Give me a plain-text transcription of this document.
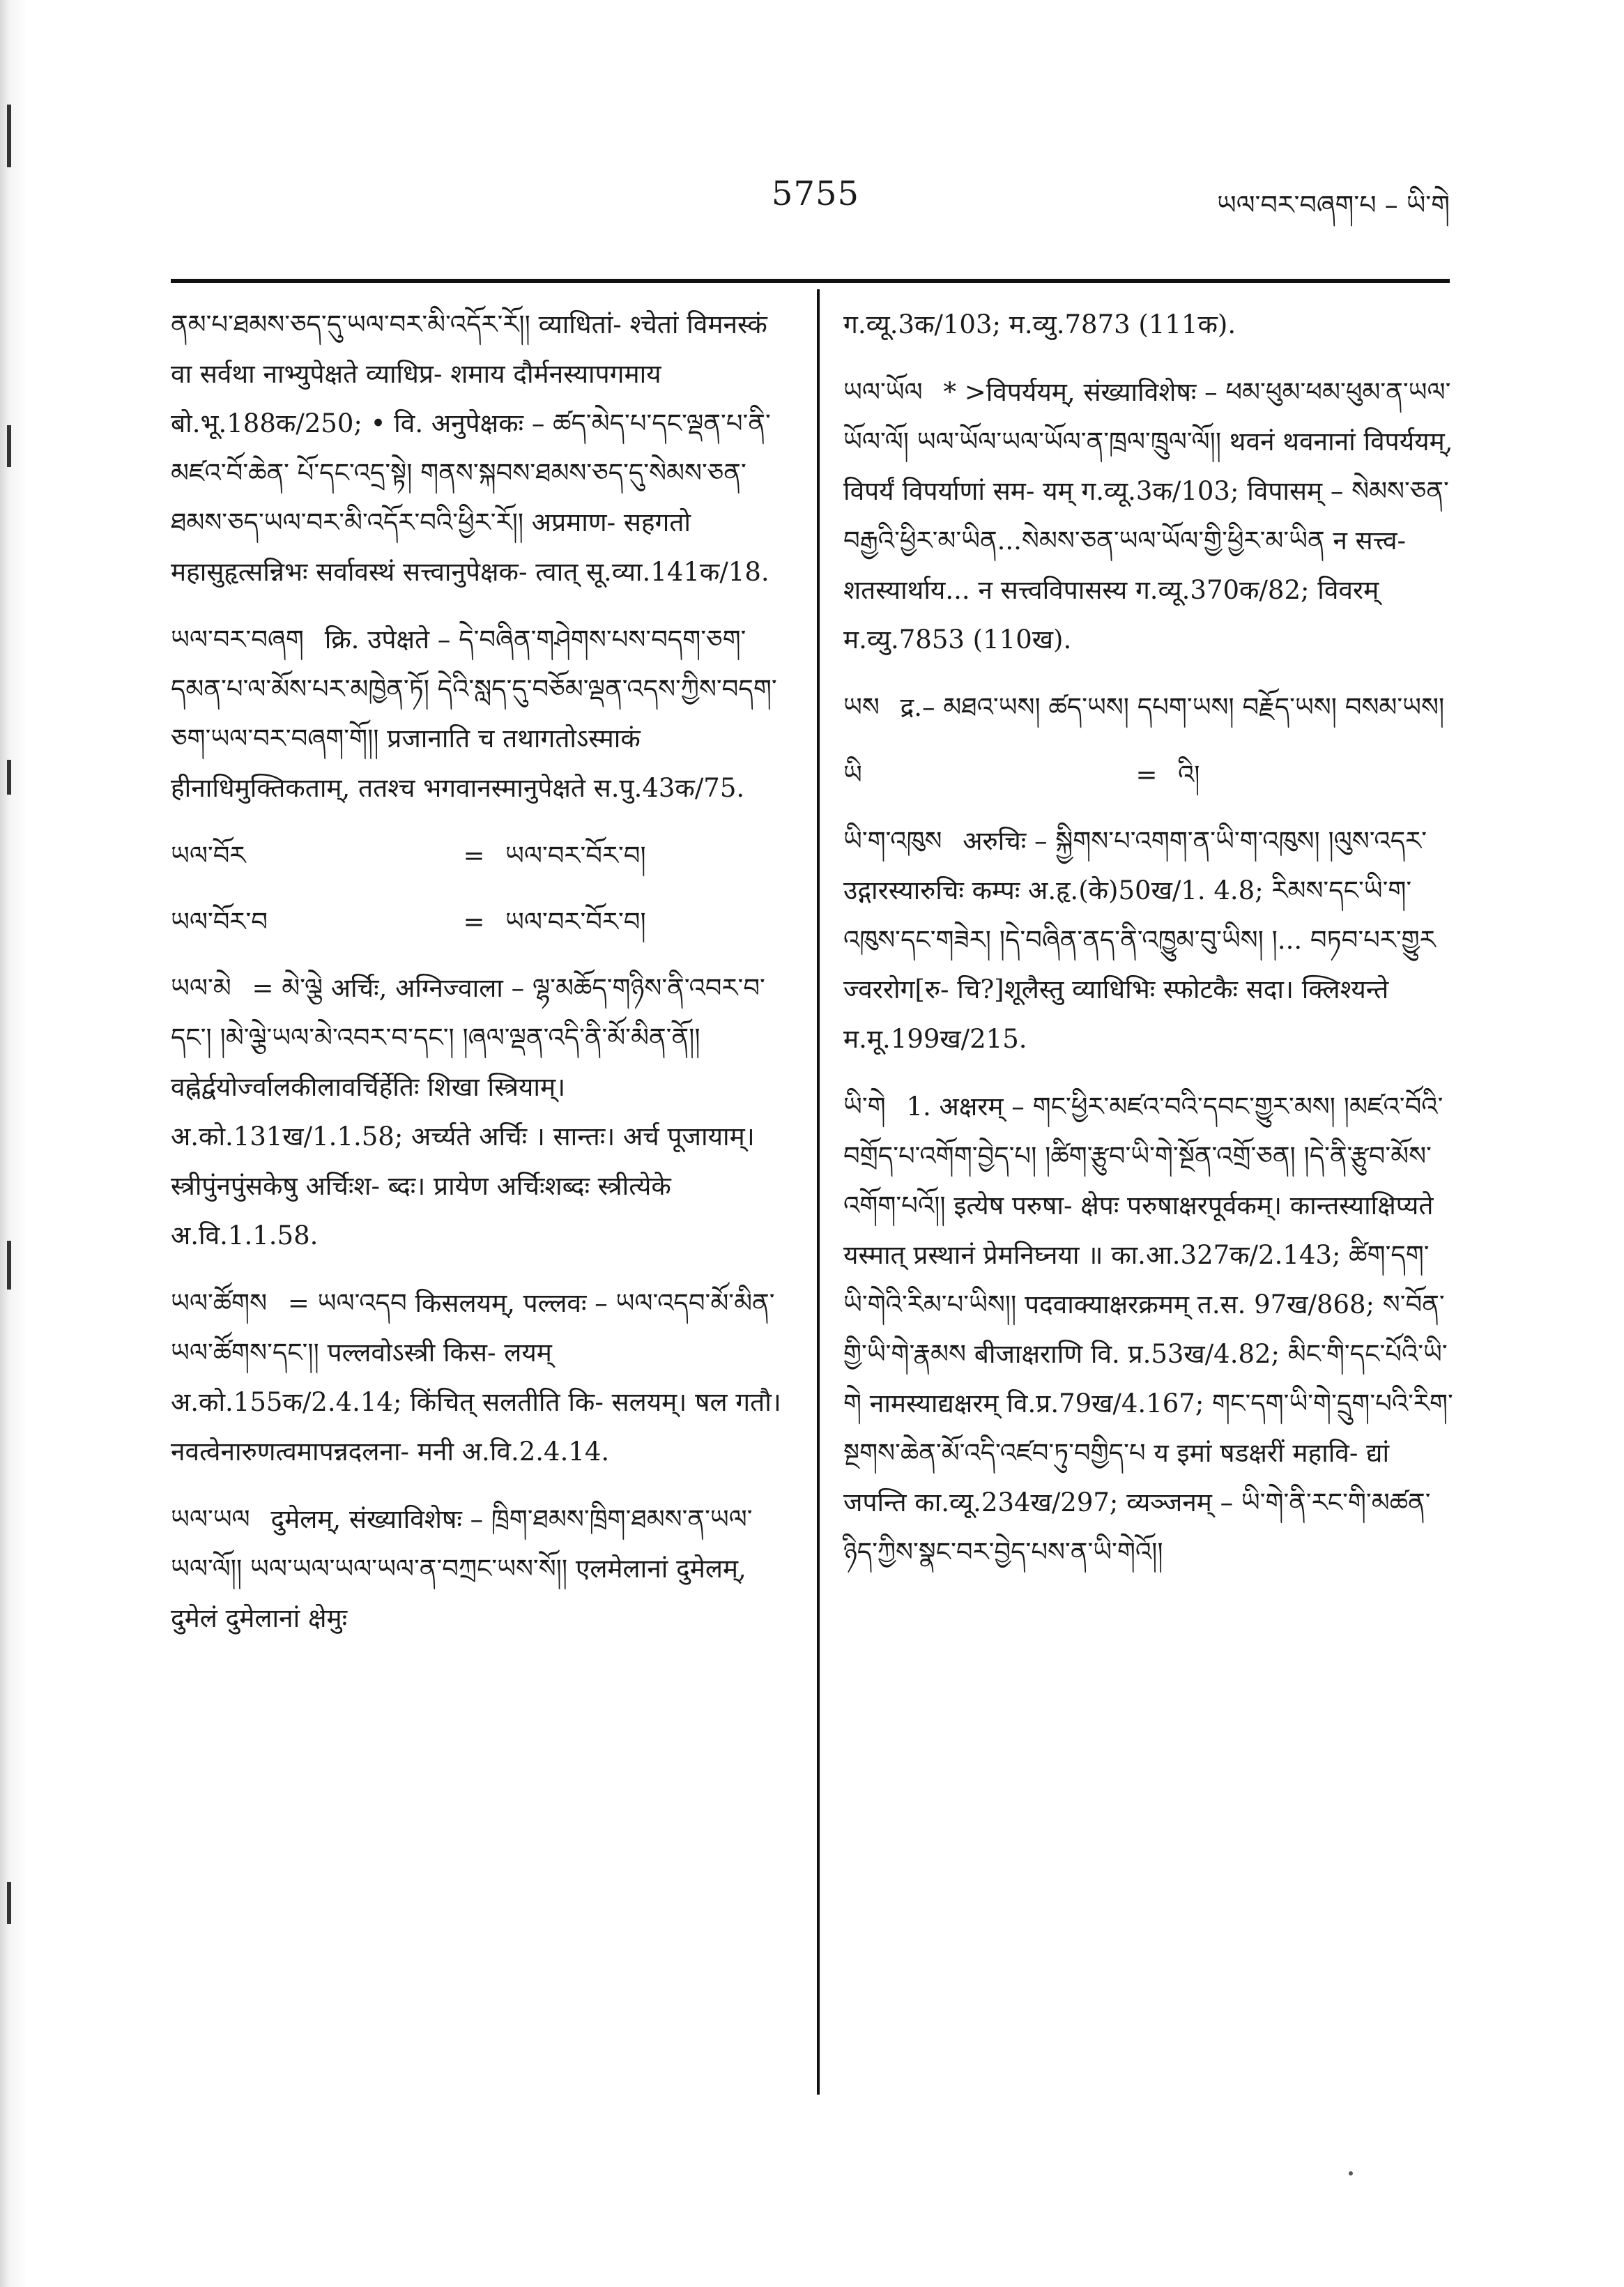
5755	ཡལ་བར་བཞག་པ – ཡི་གེ
ནམ་པ་ཐམས་ཅད་དུ་ཡལ་བར་མི་འདོར་རོ།། व्याधितां- श्चेतां विमनस्कं वा सर्वथा नाभ्युपेक्षते व्याधिप्र- शमाय दौर्मनस्यापगमाय बो.भू.188क/250; • वि. अनुपेक्षकः – ཚད་མེད་པ་དང་ལྡན་པ་ནི་མཛའ་བོ་ཆེན་ པོ་དང་འདྲ་སྟེ། གནས་སྐབས་ཐམས་ཅད་དུ་སེམས་ཅན་ ཐམས་ཅད་ཡལ་བར་མི་འདོར་བའི་ཕྱིར་རོ།། अप्रमाण- सहगतो महासुहृत्सन्निभः सर्वावस्थं सत्त्वानुपेक्षक- त्वात् सू.व्या.141क/18.
ཡལ་བར་བཞག क्रि. उपेक्षते – དེ་བཞིན་གཤེགས་པས་བདག་ཅག་དམན་པ་ལ་མོས་པར་མཁྱེན་ཏོ། དེའི་སླད་དུ་བཅོམ་ལྡན་འདས་ཀྱིས་བདག་ཅག་ཡལ་བར་བཞག་གོ།། प्रजानाति च तथागतोऽस्माकं हीनाधिमुक्तिकताम्, ततश्च भगवानस्मानुपेक्षते स.पु.43क/75.
ཡལ་བོར	= ཡལ་བར་བོར་བ།
ཡལ་བོར་བ	= ཡལ་བར་བོར་བ།
ཡལ་མེ = མེ་ལྕེ अर्चिः, अग्निज्वाला – ལྷ་མཆོད་གཉིས་ནི་འབར་བ་དང་། །མེ་ལྕེ་ཡལ་མེ་འབར་བ་དང་། །ཞལ་ལྡན་འདི་ནི་མོ་མིན་ནོ།། वह्नेर्द्वयोर्ज्वालकीलावर्चिर्हेतिः शिखा स्त्रियाम्। अ.को.131ख/1.1.58; अर्च्यते अर्चिः । सान्तः। अर्च पूजायाम्। स्त्रीपुंनपुंसकेषु अर्चिःश- ब्दः। प्रायेण अर्चिःशब्दः स्त्रीत्येके अ.वि.1.1.58.
ཡལ་ཚོགས = ཡལ་འདབ किसलयम्, पल्लवः – ཡལ་འདབ་མོ་མིན་ཡལ་ཚོགས་དང་།། पल्लवोऽस्त्री किस- लयम् अ.को.155क/2.4.14; किंचित् सलतीति कि- सलयम्। षल गतौ। नवत्वेनारुणत्वमापन्नदलना- मनी अ.वि.2.4.14.
ཡལ་ཡལ दुमेलम्, संख्याविशेषः – ཁྲིག་ཐམས་ཁྲིག་ཐམས་ན་ཡལ་ཡལ་ལོ།། ཡལ་ཡལ་ཡལ་ཡལ་ན་བཀྲང་ཡས་སོ།། एलमेलानां दुमेलम्, दुमेलं दुमेलानां क्षेमुः
ग.व्यू.3क/103; म.व्यु.7873 (111क).
ཡལ་ཡོལ * >विपर्ययम्, संख्याविशेषः – ཕམ་ཕུམ་ཕམ་ཕུམ་ན་ཡལ་ཡོལ་ལོ། ཡལ་ཡོལ་ཡལ་ཡོལ་ན་ཁྲལ་ཁྲུལ་ལོ།། थवनं थवनानां विपर्ययम्, विपर्यं विपर्याणां सम- यम् ग.व्यू.3क/103; विपासम् – སེམས་ཅན་བརྒྱའི་ཕྱིར་མ་ཡིན...སེམས་ཅན་ཡལ་ཡོལ་གྱི་ཕྱིར་མ་ཡིན न सत्त्व- शतस्यार्थाय... न सत्त्वविपासस्य ग.व्यू.370क/82; विवरम् म.व्यु.7853 (110ख).
ཡས द्र.– མཐའ་ཡས། ཚད་ཡས། དཔག་ཡས། བརྗོད་ཡས། བསམ་ཡས།
ཡི	= འི།
ཡི་ག་འཁུས अरुचिः – སྐྱིགས་པ་འགག་ན་ཡི་ག་འཁུས། །ལུས་འདར་ उद्गारस्यारुचिः कम्पः अ.हृ.(के)50ख/1. 4.8; རིམས་དང་ཡི་ག་འཁུས་དང་གཟེར། །དེ་བཞིན་ནད་ནི་འཁྱུམ་བུ་ཡིས། །... བཏབ་པར་གྱུར ज्वररोग[रु- चि?]शूलैस्तु व्याधिभिः स्फोटकैः सदा। क्लिश्यन्ते म.मू.199ख/215.
ཡི་གེ 1. अक्षरम् – གང་ཕྱིར་མཛའ་བའི་དབང་གྱུར་མས། །མཛའ་བོའི་བགྲོད་པ་འགོག་བྱེད་པ། །ཚིག་རྩུབ་ཡི་གེ་སྔོན་འགྲོ་ཅན། །དེ་ནི་རྩུབ་མོས་འགོག་པའོ།། इत्येष परुषा- क्षेपः परुषाक्षरपूर्वकम्। कान्तस्याक्षिप्यते यस्मात् प्रस्थानं प्रेमनिघ्नया ॥ का.आ.327क/2.143; ཚིག་དག་ཡི་གེའི་རིམ་པ་ཡིས།། पदवाक्याक्षरक्रमम् त.स. 97ख/868; ས་བོན་གྱི་ཡི་གེ་རྣམས बीजाक्षराणि वि. प्र.53ख/4.82; མིང་གི་དང་པོའི་ཡི་གེ नामस्याद्यक्षरम् वि.प्र.79ख/4.167; གང་དག་ཡི་གེ་དྲུག་པའི་རིག་སྔགས་ཆེན་མོ་འདི་འཛབ་ཏུ་བགྱིད་པ य इमां षडक्षरीं महावि- द्यां जपन्ति का.व्यू.234ख/297; व्यञ्जनम् – ཡི་གེ་ནི་རང་གི་མཚན་ཉིད་ཀྱིས་སྣང་བར་བྱེད་པས་ན་ཡི་གེའོ།།
